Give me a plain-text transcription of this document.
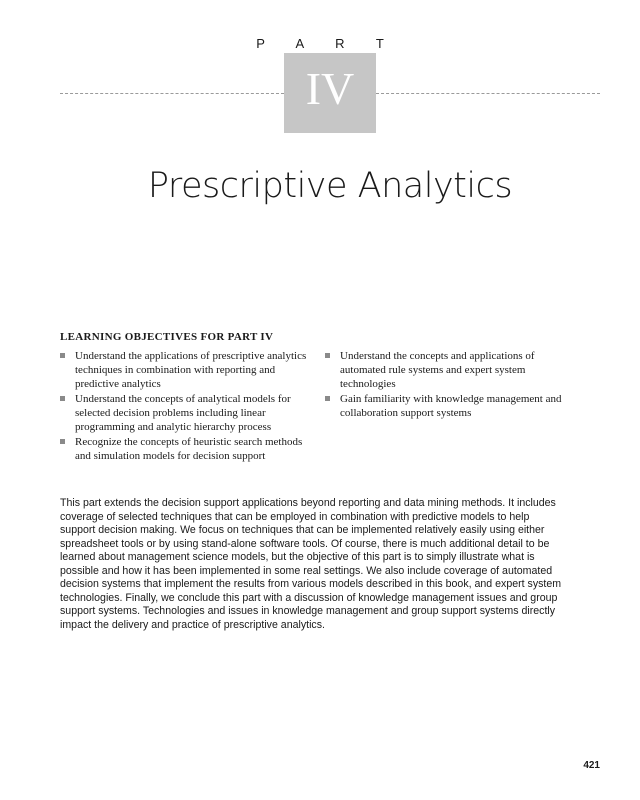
P A R T
IV
Prescriptive Analytics
LEARNING OBJECTIVES FOR PART IV
Understand the applications of prescriptive analytics techniques in combination with reporting and predictive analytics
Understand the concepts of analytical models for selected decision problems including linear programming and analytic hierarchy process
Recognize the concepts of heuristic search methods and simulation models for decision support
Understand the concepts and applications of automated rule systems and expert system technologies
Gain familiarity with knowledge management and collaboration support systems

This part extends the decision support applications beyond reporting and data mining methods. It includes coverage of selected techniques that can be employed in combination with predictive models to help support decision making. We focus on techniques that can be implemented relatively easily using either spreadsheet tools or by using stand-alone software tools. Of course, there is much additional detail to be learned about management science models, but the objective of this part is to simply illustrate what is possible and how it has been implemented in some real settings. We also include coverage of automated decision systems that implement the results from various models described in this book, and expert system technologies. Finally, we conclude this part with a discussion of knowledge management issues and group support systems. Technologies and issues in knowledge management and group support systems directly impact the delivery and practice of prescriptive analytics.

421
